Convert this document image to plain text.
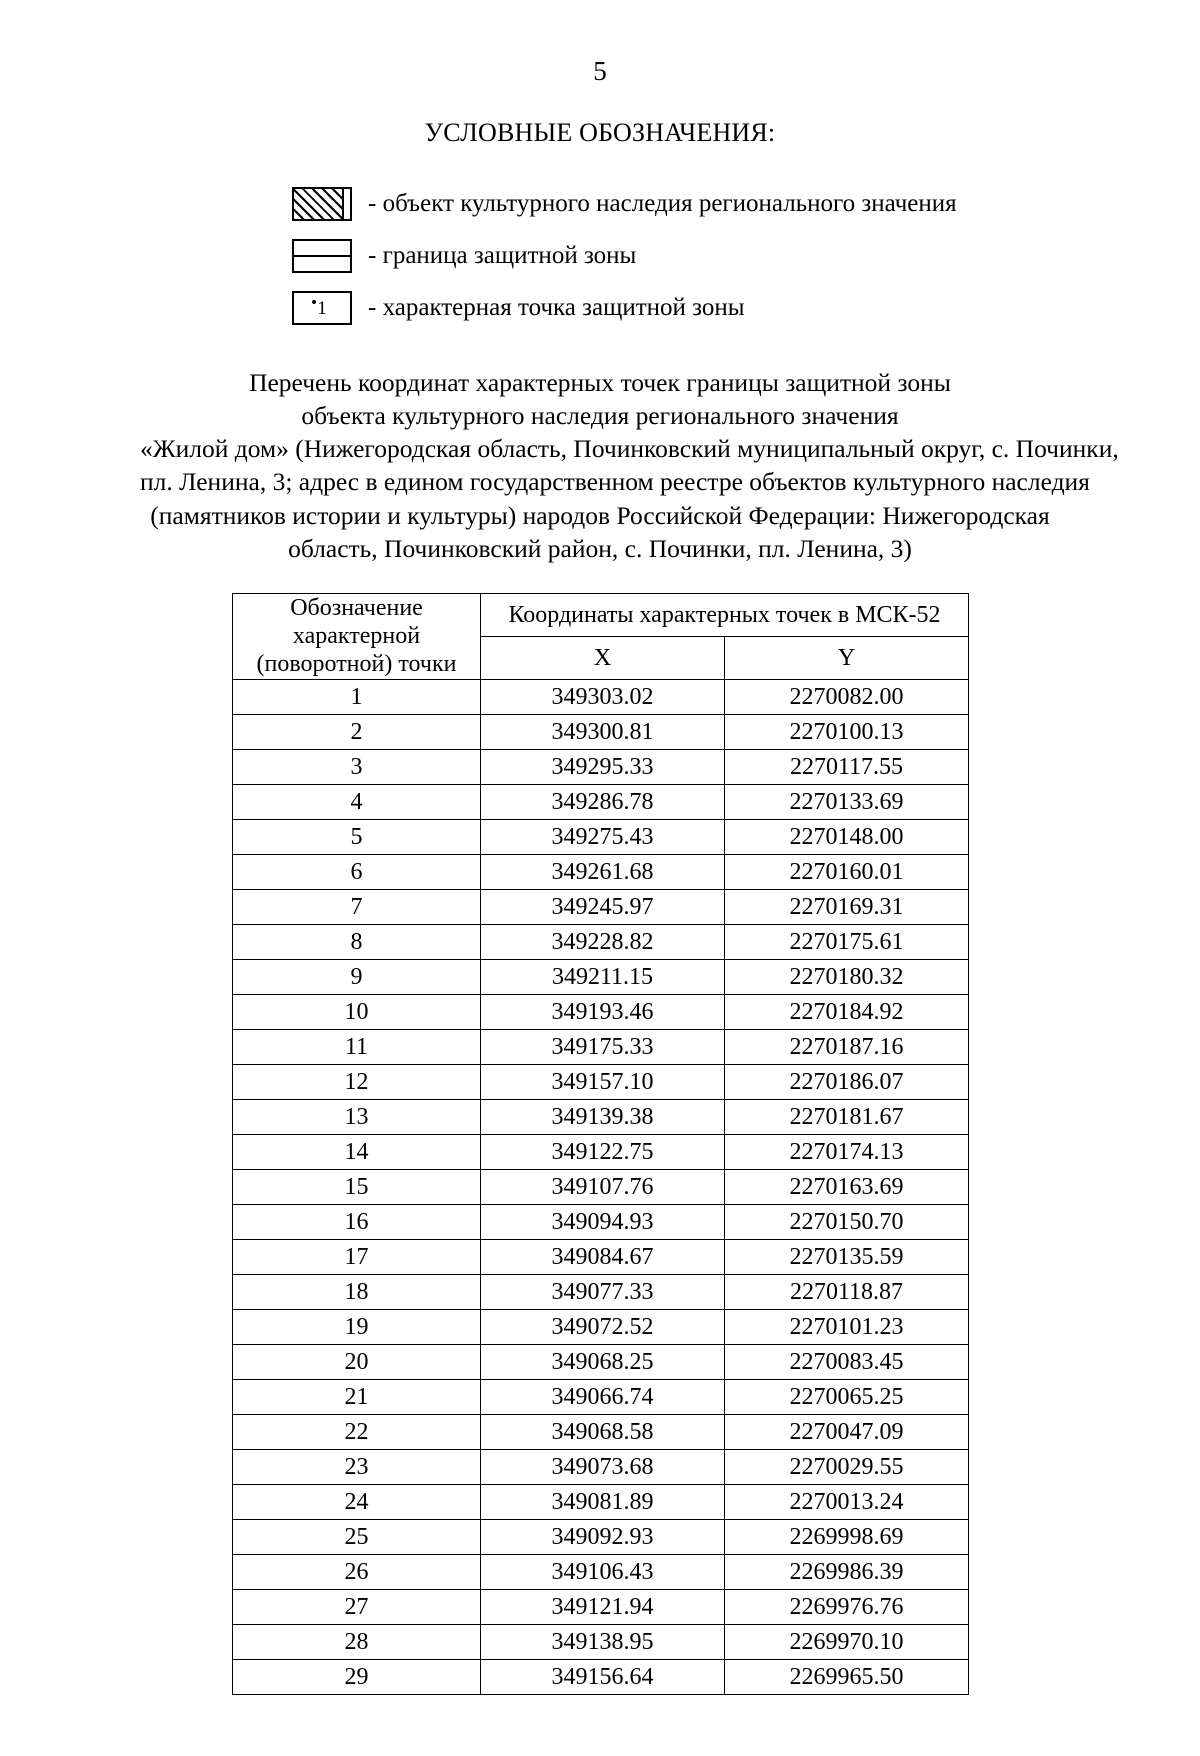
5
УСЛОВНЫЕ ОБОЗНАЧЕНИЯ:
- объект культурного наследия регионального значения
- граница защитной зоны
1 - характерная точка защитной зоны
Перечень координат характерных точек границы защитной зоны
объекта культурного наследия регионального значения
«Жилой дом» (Нижегородская область, Починковский муниципальный округ, с. Починки,
пл. Ленина, 3; адрес в едином государственном реестре объектов культурного наследия
(памятников истории и культуры) народов Российской Федерации: Нижегородская
область, Починковский район, с. Починки, пл. Ленина, 3)
Обозначение
характерной
(поворотной) точки	Координаты характерных точек в МСК-52	
	X	Y
1	349303.02	2270082.00
2	349300.81	2270100.13
3	349295.33	2270117.55
4	349286.78	2270133.69
5	349275.43	2270148.00
6	349261.68	2270160.01
7	349245.97	2270169.31
8	349228.82	2270175.61
9	349211.15	2270180.32
10	349193.46	2270184.92
11	349175.33	2270187.16
12	349157.10	2270186.07
13	349139.38	2270181.67
14	349122.75	2270174.13
15	349107.76	2270163.69
16	349094.93	2270150.70
17	349084.67	2270135.59
18	349077.33	2270118.87
19	349072.52	2270101.23
20	349068.25	2270083.45
21	349066.74	2270065.25
22	349068.58	2270047.09
23	349073.68	2270029.55
24	349081.89	2270013.24
25	349092.93	2269998.69
26	349106.43	2269986.39
27	349121.94	2269976.76
28	349138.95	2269970.10
29	349156.64	2269965.50
